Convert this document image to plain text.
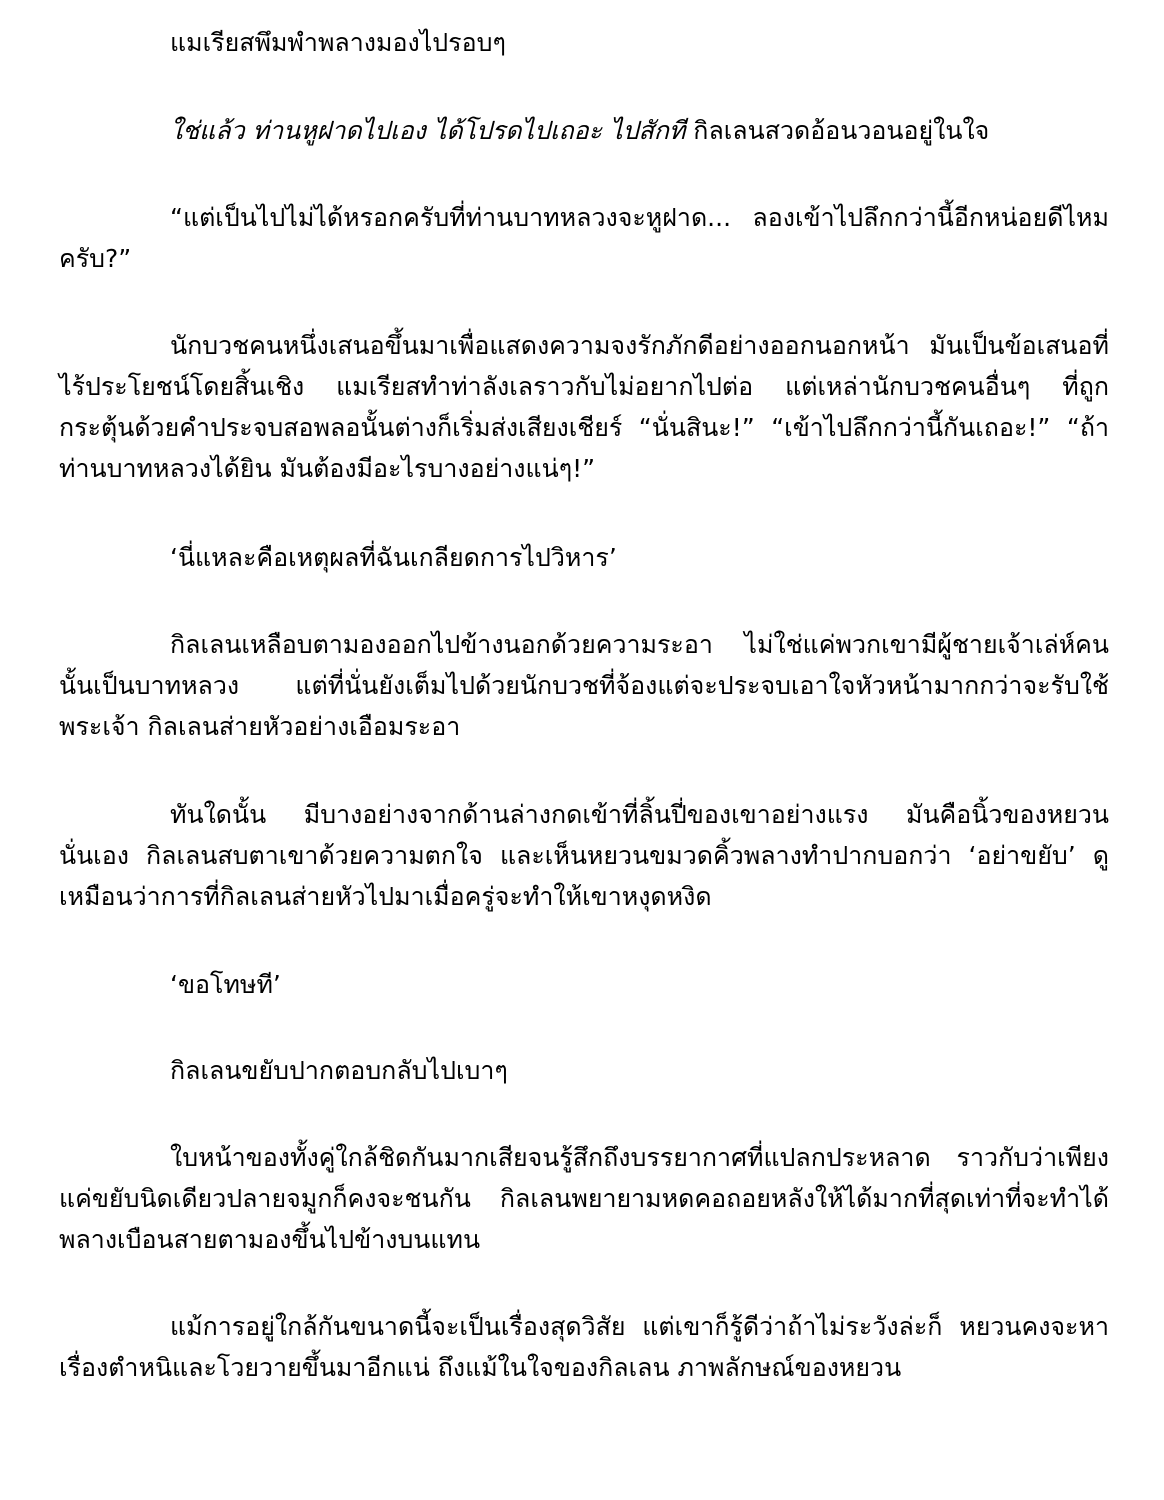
แมเรียสพึมพำพลางมองไปรอบๆ

ใช่แล้ว ท่านหูฝาดไปเอง ได้โปรดไปเถอะ ไปสักที กิลเลนสวดอ้อนวอนอยู่ในใจ

“แต่เป็นไปไม่ได้หรอกครับที่ท่านบาทหลวงจะหูฝาด... ลองเข้าไปลึกกว่านี้อีกหน่อยดีไหมครับ?”

นักบวชคนหนึ่งเสนอขึ้นมาเพื่อแสดงความจงรักภักดีอย่างออกนอกหน้า มันเป็นข้อเสนอที่ไร้ประโยชน์โดยสิ้นเชิง แมเรียสทำท่าลังเลราวกับไม่อยากไปต่อ แต่เหล่านักบวชคนอื่นๆ ที่ถูกกระตุ้นด้วยคำประจบสอพลอนั้นต่างก็เริ่มส่งเสียงเชียร์ “นั่นสินะ!” “เข้าไปลึกกว่านี้กันเถอะ!” “ถ้าท่านบาทหลวงได้ยิน มันต้องมีอะไรบางอย่างแน่ๆ!”

‘นี่แหละคือเหตุผลที่ฉันเกลียดการไปวิหาร’

กิลเลนเหลือบตามองออกไปข้างนอกด้วยความระอา ไม่ใช่แค่พวกเขามีผู้ชายเจ้าเล่ห์คนนั้นเป็นบาทหลวง แต่ที่นั่นยังเต็มไปด้วยนักบวชที่จ้องแต่จะประจบเอาใจหัวหน้ามากกว่าจะรับใช้พระเจ้า กิลเลนส่ายหัวอย่างเอือมระอา

ทันใดนั้น มีบางอย่างจากด้านล่างกดเข้าที่ลิ้นปี่ของเขาอย่างแรง มันคือนิ้วของหยวนนั่นเอง กิลเลนสบตาเขาด้วยความตกใจ และเห็นหยวนขมวดคิ้วพลางทำปากบอกว่า ‘อย่าขยับ’ ดูเหมือนว่าการที่กิลเลนส่ายหัวไปมาเมื่อครู่จะทำให้เขาหงุดหงิด

‘ขอโทษที’

กิลเลนขยับปากตอบกลับไปเบาๆ

ใบหน้าของทั้งคู่ใกล้ชิดกันมากเสียจนรู้สึกถึงบรรยากาศที่แปลกประหลาด ราวกับว่าเพียงแค่ขยับนิดเดียวปลายจมูกก็คงจะชนกัน กิลเลนพยายามหดคอถอยหลังให้ได้มากที่สุดเท่าที่จะทำได้พลางเบือนสายตามองขึ้นไปข้างบนแทน

แม้การอยู่ใกล้กันขนาดนี้จะเป็นเรื่องสุดวิสัย แต่เขาก็รู้ดีว่าถ้าไม่ระวังล่ะก็ หยวนคงจะหาเรื่องตำหนิและโวยวายขึ้นมาอีกแน่ ถึงแม้ในใจของกิลเลน ภาพลักษณ์ของหยวน
